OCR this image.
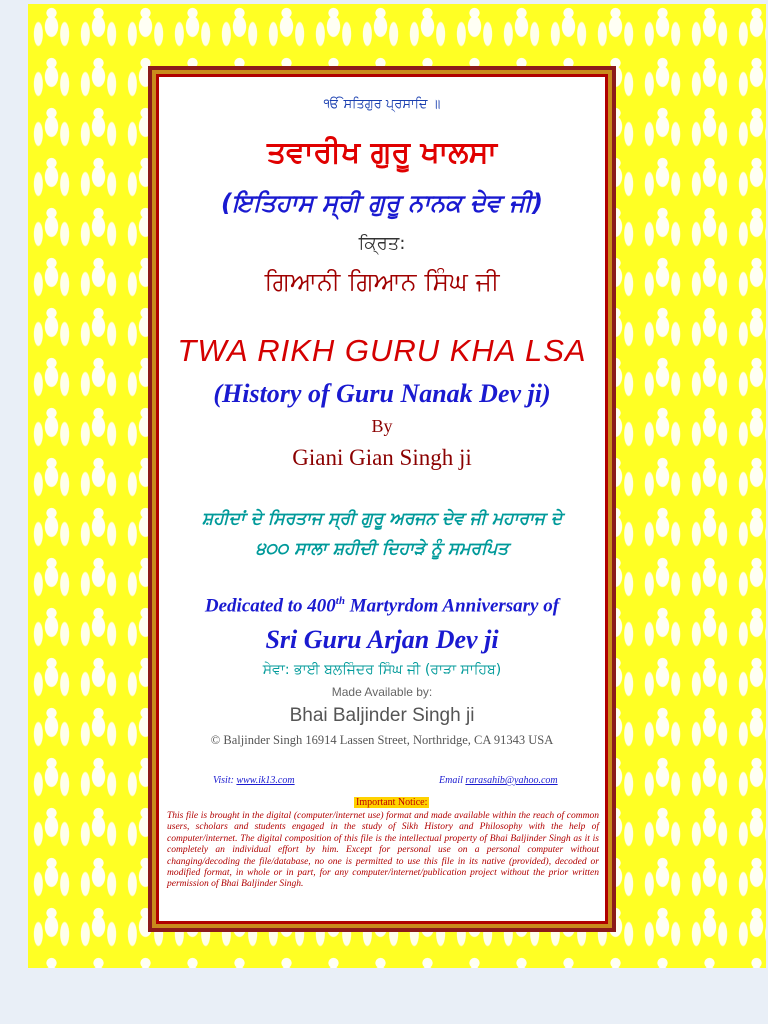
ੴ ਸਤਿਗੁਰ ਪ੍ਰਸਾਦਿ ॥
ਤਵਾਰੀਖ ਗੁਰੂ ਖਾਲਸਾ
(ਇਤਿਹਾਸ ਸ੍ਰੀ ਗੁਰੂ ਨਾਨਕ ਦੇਵ ਜੀ)
ਕ੍ਰਿਤ:
ਗਿਆਨੀ ਗਿਆਨ ਸਿੰਘ ਜੀ
TWA RIKH GURU KHA LSA
(History of Guru Nanak Dev ji)
By
Giani Gian Singh ji
ਸ਼ਹੀਦਾਂ ਦੇ ਸਿਰਤਾਜ ਸ੍ਰੀ ਗੁਰੂ ਅਰਜਨ ਦੇਵ ਜੀ ਮਹਾਰਾਜ ਦੇ
੪੦੦ ਸਾਲਾ ਸ਼ਹੀਦੀ ਦਿਹਾੜੇ ਨੂੰ ਸਮਰਪਿਤ
Dedicated to 400th Martyrdom Anniversary of
Sri Guru Arjan Dev ji
ਸੇਵਾ: ਭਾਈ ਬਲਜਿੰਦਰ ਸਿੰਘ ਜੀ (ਰਾੜਾ ਸਾਹਿਬ)
Made Available by:
Bhai Baljinder Singh ji
© Baljinder Singh 16914 Lassen Street, Northridge, CA 91343 USA
Visit: www.ik13.com	Email rarasahib@yahoo.com
Important Notice:
This file is brought in the digital (computer/internet use) format and made available within the reach of common users, scholars and students engaged in the study of Sikh History and Philosophy with the help of computer/internet. The digital composition of this file is the intellectual property of Bhai Baljinder Singh as it is completely an individual effort by him. Except for personal use on a personal computer without changing/decoding the file/database, no one is permitted to use this file in its native (provided), decoded or modified format, in whole or in part, for any computer/internet/publication project without the prior written permission of Bhai Baljinder Singh.
